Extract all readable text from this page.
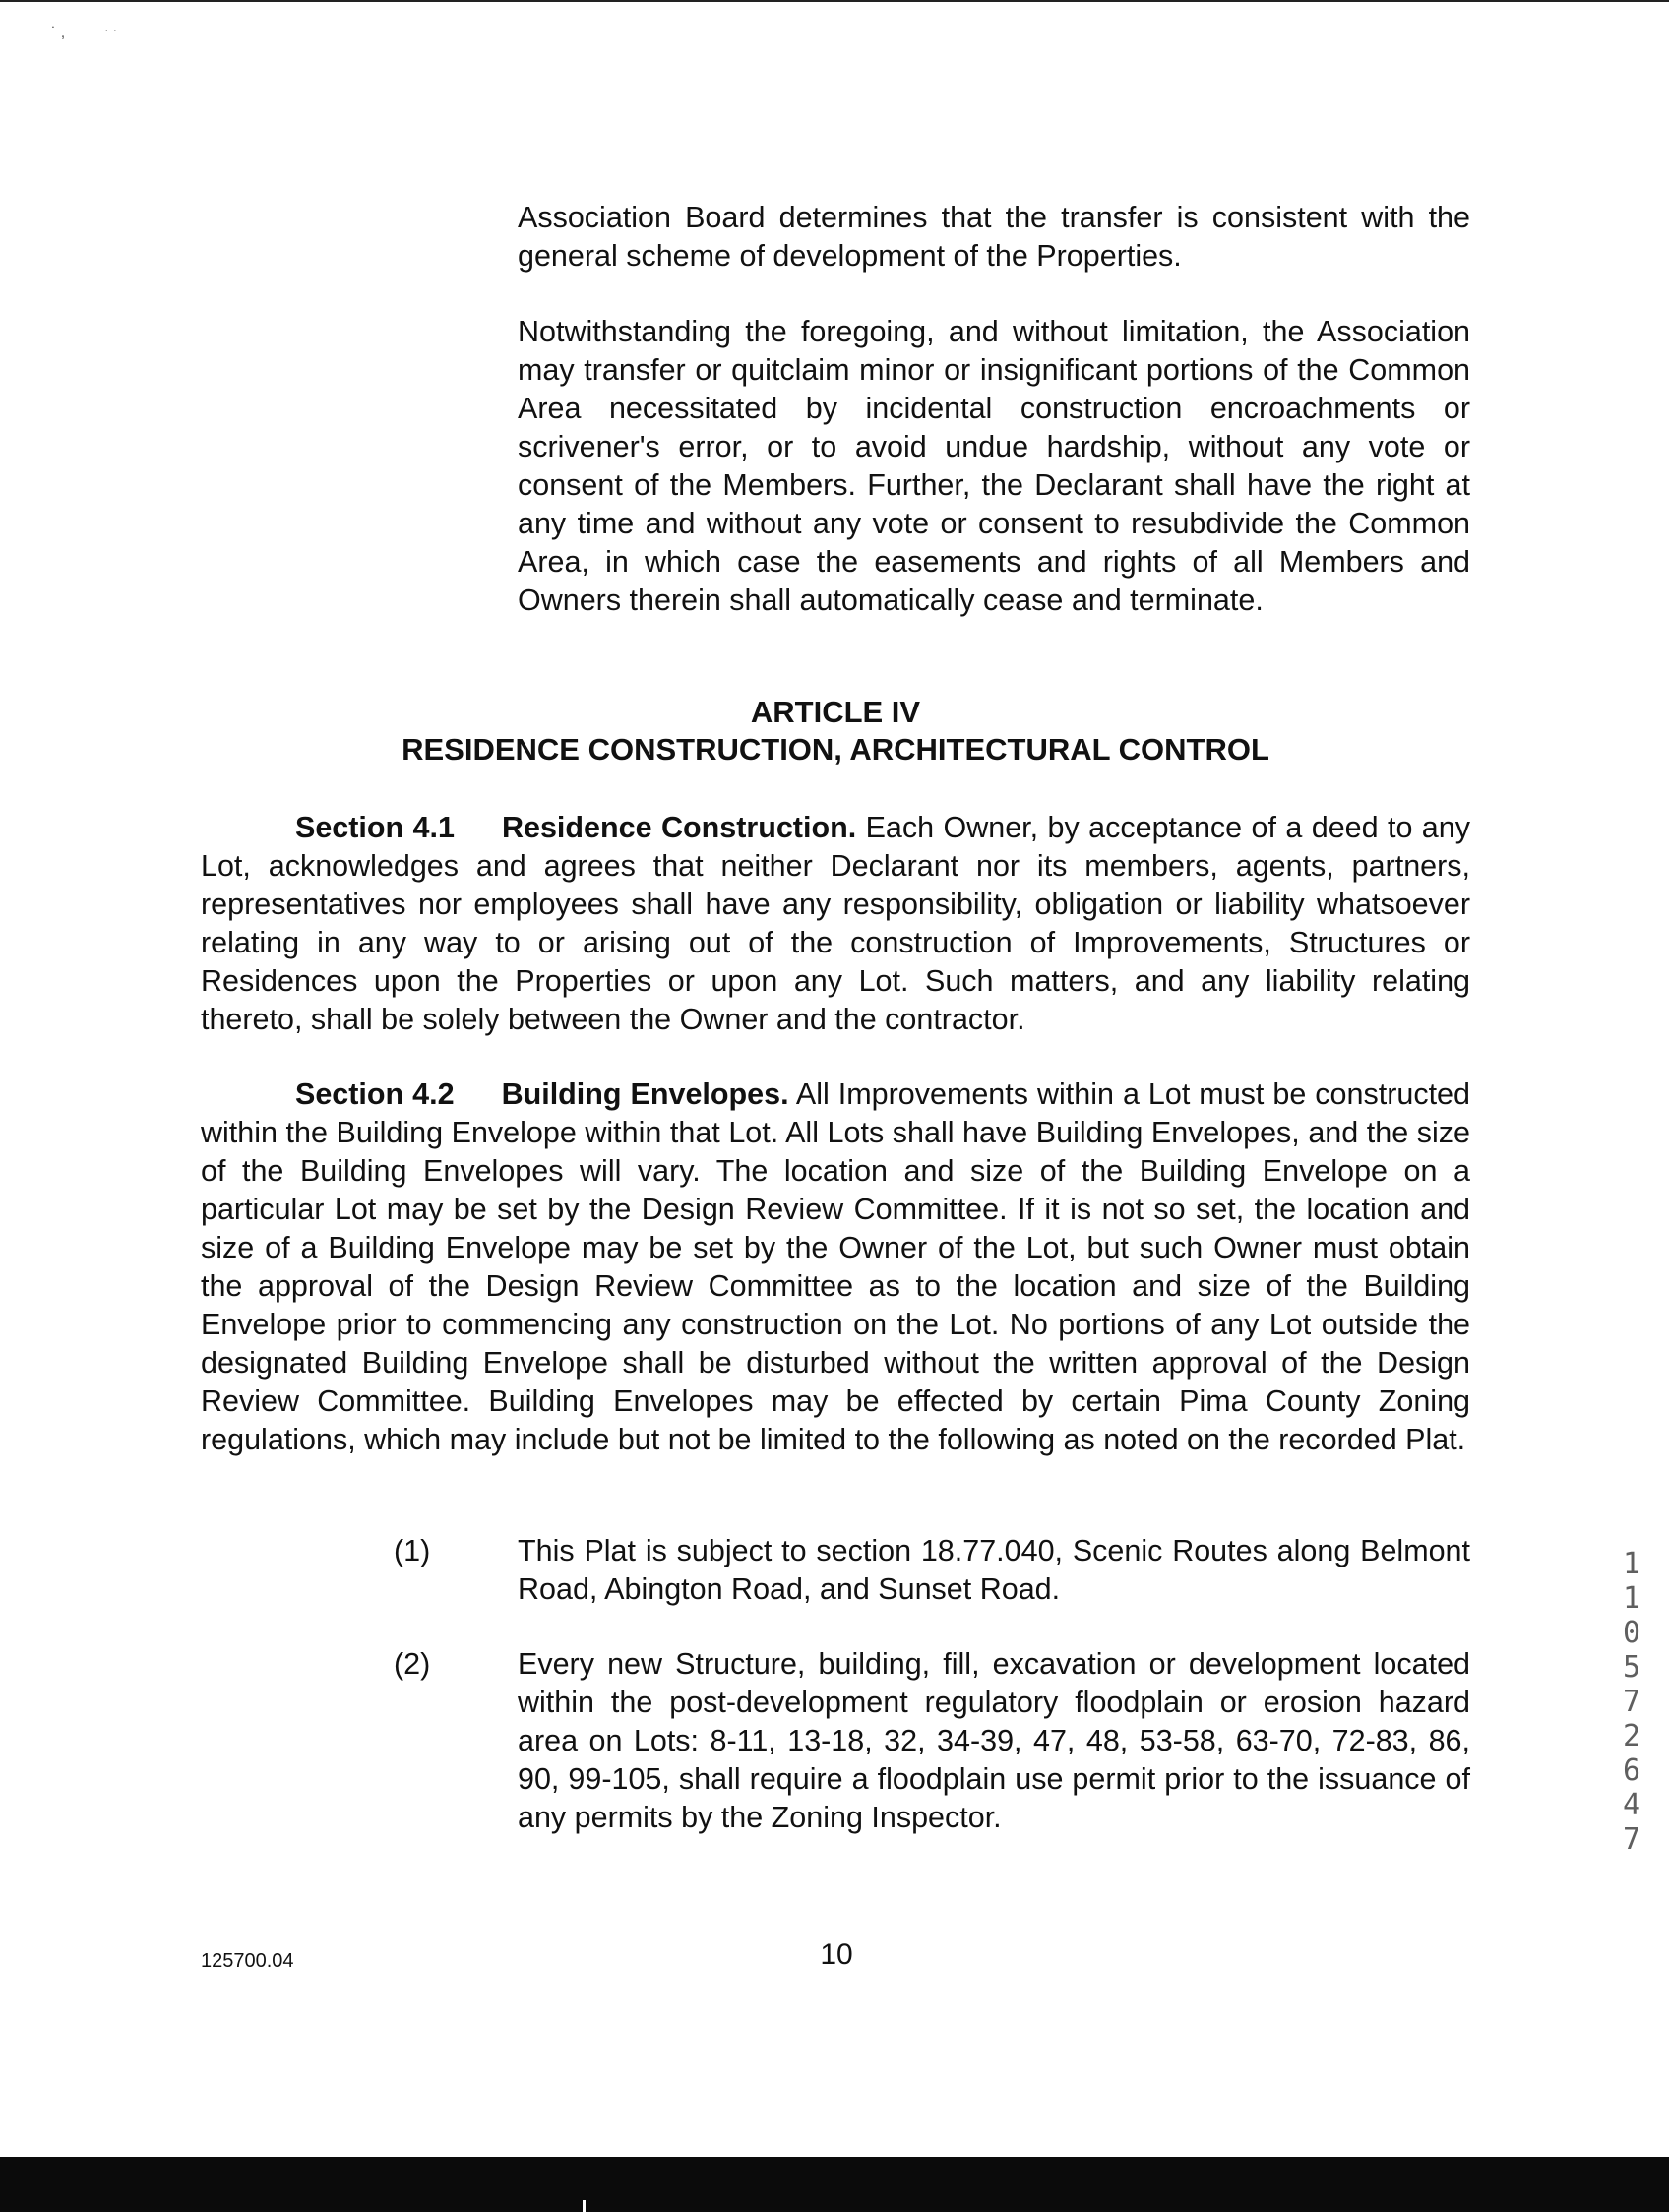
˙ ,	· ·

Association Board determines that the transfer is consistent with the general scheme of development of the Properties.

Notwithstanding the foregoing, and without limitation, the Association may transfer or quitclaim minor or insignificant portions of the Common Area necessitated by incidental construction encroachments or scrivener's error, or to avoid undue hardship, without any vote or consent of the Members. Further, the Declarant shall have the right at any time and without any vote or consent to resubdivide the Common Area, in which case the easements and rights of all Members and Owners therein shall automatically cease and terminate.

ARTICLE IV

RESIDENCE CONSTRUCTION, ARCHITECTURAL CONTROL

Section 4.1 Residence Construction. Each Owner, by acceptance of a deed to any Lot, acknowledges and agrees that neither Declarant nor its members, agents, partners, representatives nor employees shall have any responsibility, obligation or liability whatsoever relating in any way to or arising out of the construction of Improvements, Structures or Residences upon the Properties or upon any Lot. Such matters, and any liability relating thereto, shall be solely between the Owner and the contractor.

Section 4.2 Building Envelopes. All Improvements within a Lot must be constructed within the Building Envelope within that Lot. All Lots shall have Building Envelopes, and the size of the Building Envelopes will vary. The location and size of the Building Envelope on a particular Lot may be set by the Design Review Committee. If it is not so set, the location and size of a Building Envelope may be set by the Owner of the Lot, but such Owner must obtain the approval of the Design Review Committee as to the location and size of the Building Envelope prior to commencing any construction on the Lot. No portions of any Lot outside the designated Building Envelope shall be disturbed without the written approval of the Design Review Committee. Building Envelopes may be effected by certain Pima County Zoning regulations, which may include but not be limited to the following as noted on the recorded Plat.

(1)	This Plat is subject to section 18.77.040, Scenic Routes along Belmont Road, Abington Road, and Sunset Road.

(2)	Every new Structure, building, fill, excavation or development located within the post-development regulatory floodplain or erosion hazard area on Lots: 8-11, 13-18, 32, 34-39, 47, 48, 53-58, 63-70, 72-83, 86, 90, 99-105, shall require a floodplain use permit prior to the issuance of any permits by the Zoning Inspector.

125700.04	10
11057 2647
